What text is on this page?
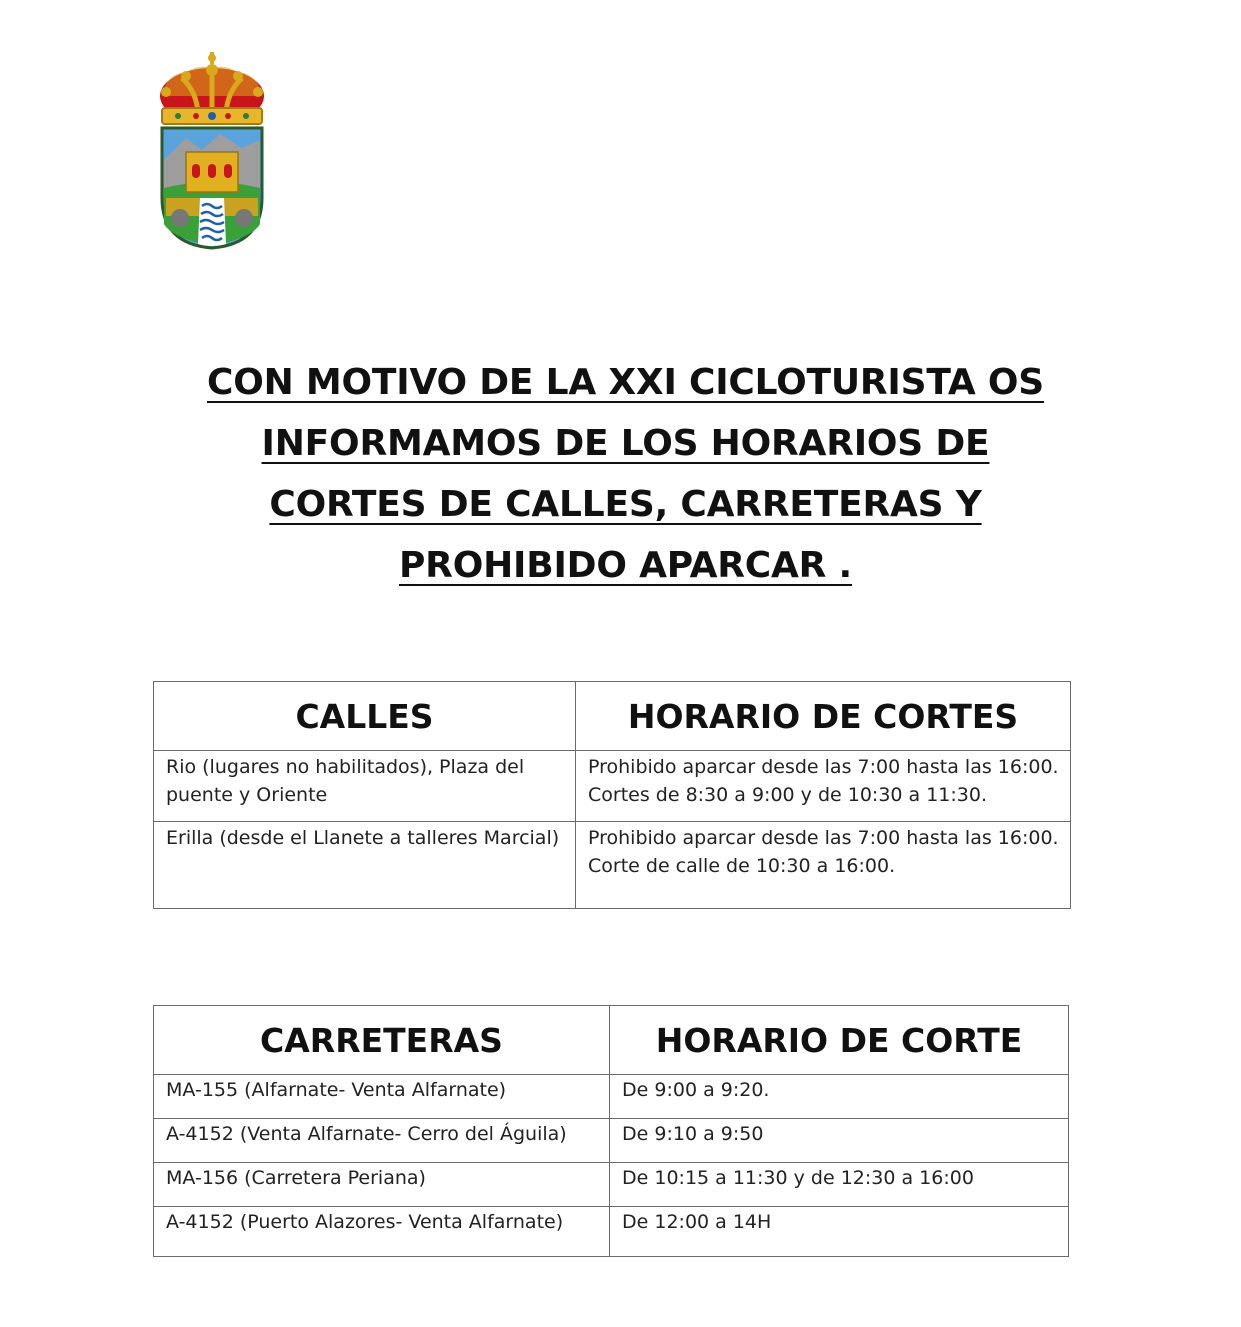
CON MOTIVO DE LA XXI CICLOTURISTA OS
INFORMAMOS DE LOS HORARIOS DE
CORTES DE CALLES, CARRETERAS Y
PROHIBIDO APARCAR .
CALLES	HORARIO DE CORTES
Rio (lugares no habilitados), Plaza del puente y Oriente	Prohibido aparcar desde las 7:00 hasta las 16:00.
Cortes de 8:30 a 9:00 y de 10:30 a 11:30.

Erilla (desde el Llanete a talleres Marcial)	Prohibido aparcar desde las 7:00 hasta las 16:00.
Corte de calle de 10:30 a 16:00.
CARRETERAS	HORARIO DE CORTE
MA-155 (Alfarnate- Venta Alfarnate)	De 9:00 a 9:20.
A-4152 (Venta Alfarnate- Cerro del Águila)	De 9:10 a 9:50
MA-156 (Carretera Periana)	De 10:15 a 11:30 y de 12:30 a 16:00
A-4152 (Puerto Alazores- Venta Alfarnate)	De 12:00 a 14H
